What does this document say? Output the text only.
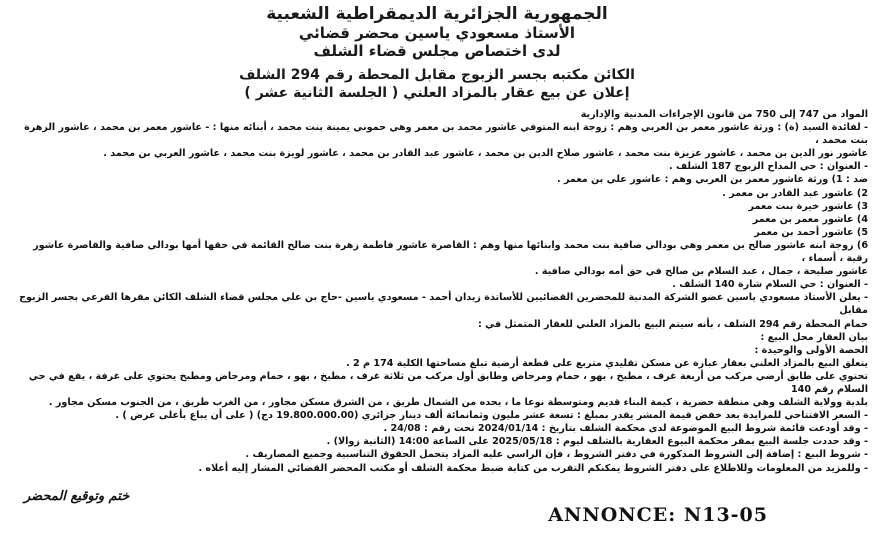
الجمهورية الجزائرية الديمقراطية الشعبية
الأستاذ مسعودي ياسين محضر قضائي
لدى اختصاص مجلس قضاء الشلف
الكائن مكتبه بجسر الزبوج مقابل المحطة رقم 294 الشلف
إعلان عن بيع عقار بالمزاد العلني ( الجلسة الثانية عشر )

المواد من 747 إلى 750 من قانون الإجراءات المدنية والإدارية

- لفائدة السيد (ة) : ورثة عاشور معمر بن العربي وهم : زوجة ابنه المتوفي عاشور محمد بن معمر وهي حموني يمينة بنت محمد ، أبنائه منها : - عاشور معمر بن محمد ، عاشور الزهرة بنت محمد ،

عاشور نور الدين بن محمد ، عاشور عزيزة بنت محمد ، عاشور صلاح الدين بن محمد ، عاشور عبد القادر بن محمد ، عاشور لويزة بنت محمد ، عاشور العربي بن محمد .

- العنوان : حي المداح الزبوج 187 الشلف .

ضد : 1) ورثة عاشور معمر بن العربي وهم : عاشور علي بن معمر .

2) عاشور عبد القادر بن معمر .

3) عاشور خيرة بنت معمر

4) عاشور معمر بن معمر

5) عاشور أحمد بن معمر

6) زوجة ابنه عاشور صالح بن معمر وهي بودالي صافية بنت محمد وابنائها منها وهم : القاصرة عاشور فاطمة زهرة بنت صالح القائمة في حقها أمها بودالي صافية والقاصرة عاشور رقية ، أسماء ،

عاشور صليحة ، جمال ، عبد السلام بن صالح في حق أمه بودالي صافية .

- العنوان : حي السلام شارة 140 الشلف .

- يعلن الأستاذ مسعودي ياسين عضو الشركة المدنية للمحضرين القضائيين للأساتذة زيدان أحمد - مسعودي ياسين -حاج بن علي مجلس قضاء الشلف الكائن مقرها الفرعي بجسر الزبوج مقابل

حمام المحطة رقم 294 الشلف ، بأنه سيتم البيع بالمزاد العلني للعقار المتمثل في :

بيان العقار محل البيع :

الحصة الأولى والوحيدة :

يتعلق البيع بالمزاد العلني بعقار عبارة عن مسكن تقليدي متربع على قطعة أرضية تبلغ مساحتها الكلية 174 م 2 .

تحتوي على طابق أرضي مركب من أربعة غرف ، مطبخ ، بهو ، حمام ومرحاض وطابق أول مركب من ثلاثة غرف ، مطبخ ، بهو ، حمام ومرحاض ومطبخ يحتوي على غرفة ، يقع في حي السلام رقم 140

بلدية وولاية الشلف وهي منطقة حضرية ، كيمة البناء قديم ومتوسطة نوعا ما ، يحده من الشمال طريق ، من الشرق مسكن مجاور ، من الغرب طريق ، من الجنوب مسكن مجاور .

- السعر الافتتاحي للمزايدة بعد خفض قيمة المشر يقدر بمبلغ : تسعة عشر مليون وثمانمائة ألف دينار جزائري (19.800.000.00 دج) ( على أن يباع بأعلى عرض ) .

- وقد أودعت قائمة شروط البيع الموضوعة لدى محكمة الشلف بتاريخ : 2024/01/14 تحت رقم : 24/08 .

- وقد حددت جلسة البيع بمقر محكمة البيوع العقارية بالشلف ليوم : 2025/05/18 على الساعة 14:00 (الثانية زوالا) .

- شروط البيع : إضافة إلى الشروط المذكورة في دفتر الشروط ، فإن الراسي عليه المزاد يتحمل الحقوق التناسبية وجميع المصاريف .

- وللمزيد من المعلومات وللاطلاع على دفتر الشروط يمكنكم التقرب من كتابة ضبط محكمة الشلف أو مكتب المحضر القضائي المشار إليه أعلاه .

ختم وتوقيع المحضر
ANNONCE: N13-05
